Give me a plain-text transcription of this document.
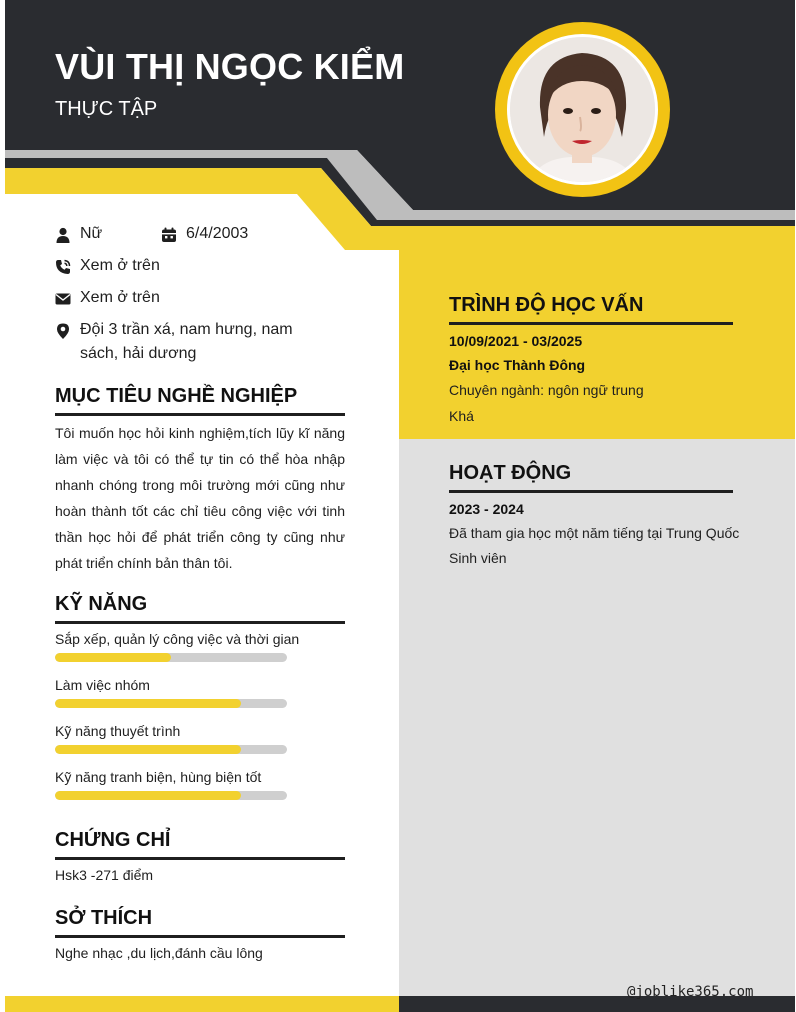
VÙI THỊ NGỌC KIỂM
THỰC TẬP
Nữ	6/4/2003
Xem ở trên
Xem ở trên
Đội 3 trần xá, nam hưng, nam sách, hải dương
MỤC TIÊU NGHỀ NGHIỆP
Tôi muốn học hỏi kinh nghiệm,tích lũy kĩ năng làm việc và tôi có thể tự tin có thể hòa nhập nhanh chóng trong môi trường mới cũng như hoàn thành tốt các chỉ tiêu công việc với tinh thần học hỏi để phát triển công ty cũng như phát triển chính bản thân tôi.
KỸ NĂNG
Sắp xếp, quản lý công việc và thời gian
Làm việc nhóm
Kỹ năng thuyết trình
Kỹ năng tranh biện, hùng biện tốt
CHỨNG CHỈ
Hsk3 -271 điểm
SỞ THÍCH
Nghe nhạc ,du lịch,đánh cầu lông
TRÌNH ĐỘ HỌC VẤN
10/09/2021 - 03/2025
Đại học Thành Đông
Chuyên ngành: ngôn ngữ trung
Khá
HOẠT ĐỘNG
2023 - 2024
Đã tham gia học một năm tiếng tại Trung Quốc
Sinh viên
@joblike365.com
